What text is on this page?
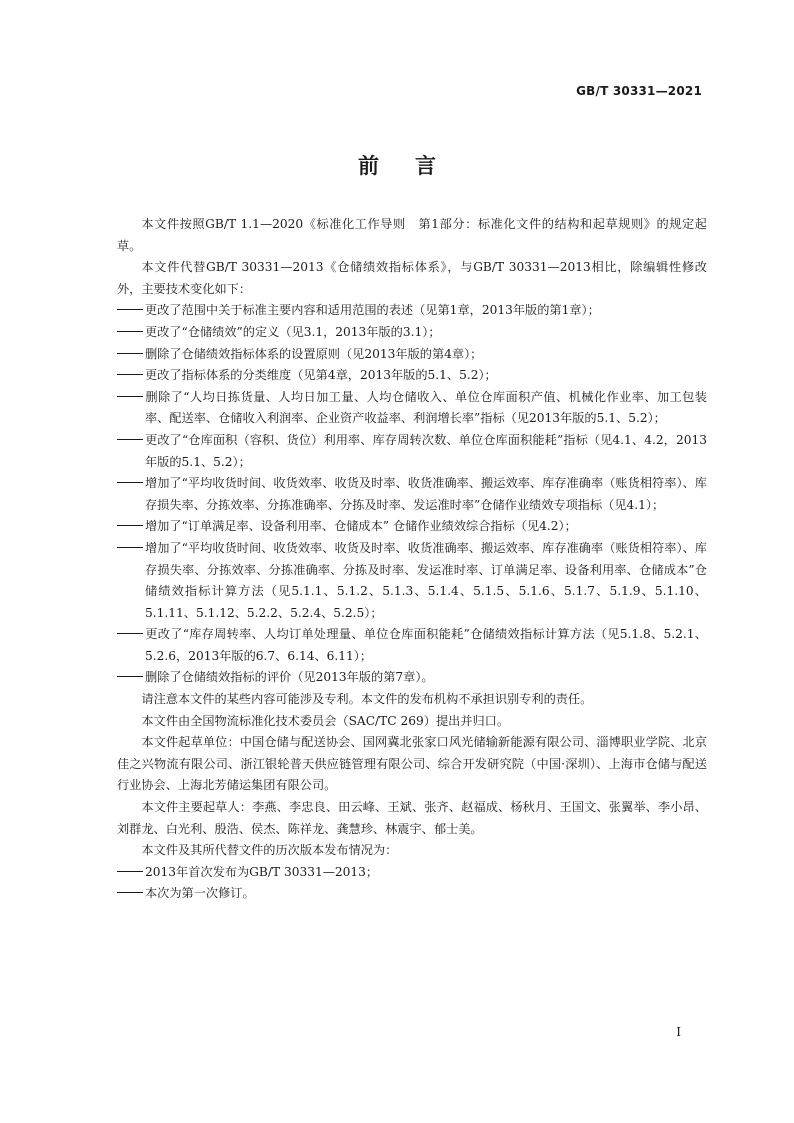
GB/T 30331—2021
前言

本文件按照GB/T 1.1—2020《标准化工作导则　第1部分：标准化文件的结构和起草规则》的规定起草。

本文件代替GB/T 30331—2013《仓储绩效指标体系》，与GB/T 30331—2013相比，除编辑性修改外，主要技术变化如下：

更改了范围中关于标准主要内容和适用范围的表述（见第1章，2013年版的第1章）；
更改了“仓储绩效”的定义（见3.1，2013年版的3.1）；
删除了仓储绩效指标体系的设置原则（见2013年版的第4章）；
更改了指标体系的分类维度（见第4章，2013年版的5.1、5.2）；
删除了“人均日拣货量、人均日加工量、人均仓储收入、单位仓库面积产值、机械化作业率、加工包装率、配送率、仓储收入利润率、企业资产收益率、利润增长率”指标（见2013年版的5.1、5.2）；
更改了“仓库面积（容积、货位）利用率、库存周转次数、单位仓库面积能耗”指标（见4.1、4.2，2013年版的5.1、5.2）；
增加了“平均收货时间、收货效率、收货及时率、收货准确率、搬运效率、库存准确率（账货相符率）、库存损失率、分拣效率、分拣准确率、分拣及时率、发运准时率”仓储作业绩效专项指标（见4.1）；
增加了“订单满足率、设备利用率、仓储成本” 仓储作业绩效综合指标（见4.2）；
增加了“平均收货时间、收货效率、收货及时率、收货准确率、搬运效率、库存准确率（账货相符率）、库存损失率、分拣效率、分拣准确率、分拣及时率、发运准时率、订单满足率、设备利用率、仓储成本”仓储绩效指标计算方法（见5.1.1、5.1.2、5.1.3、5.1.4、5.1.5、5.1.6、5.1.7、5.1.9、5.1.10、5.1.11、5.1.12、5.2.2、5.2.4、5.2.5）；
更改了“库存周转率、人均订单处理量、单位仓库面积能耗”仓储绩效指标计算方法（见5.1.8、5.2.1、5.2.6，2013年版的6.7、6.14、6.11）；
删除了仓储绩效指标的评价（见2013年版的第7章）。

请注意本文件的某些内容可能涉及专利。本文件的发布机构不承担识别专利的责任。

本文件由全国物流标准化技术委员会（SAC/TC 269）提出并归口。

本文件起草单位：中国仓储与配送协会、国网冀北张家口风光储输新能源有限公司、淄博职业学院、北京佳之兴物流有限公司、浙江银轮普天供应链管理有限公司、综合开发研究院（中国·深圳）、上海市仓储与配送行业协会、上海北芳储运集团有限公司。

本文件主要起草人：李燕、李忠良、田云峰、王斌、张齐、赵福成、杨秋月、王国文、张翼举、李小昂、刘群龙、白光利、殷浩、侯杰、陈祥龙、龚慧珍、林震宇、郁士美。

本文件及其所代替文件的历次版本发布情况为：

2013年首次发布为GB/T 30331—2013；
本次为第一次修订。
I
